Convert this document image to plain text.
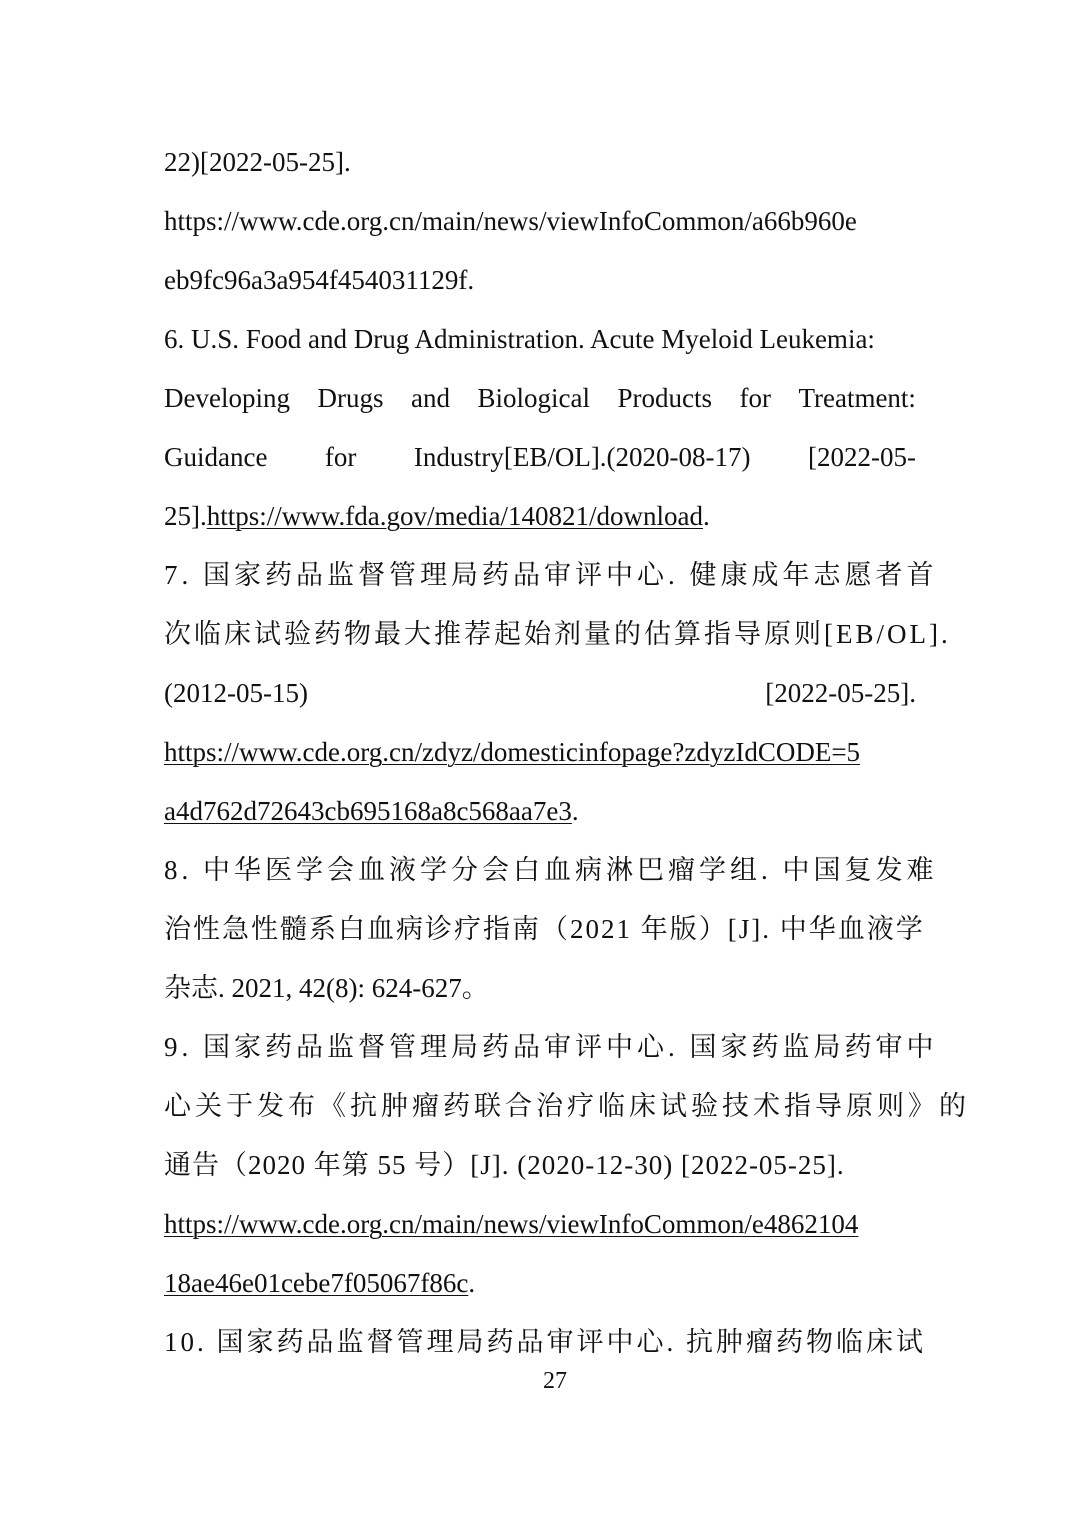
22)[2022-05-25].
https://www.cde.org.cn/main/news/viewInfoCommon/a66b960e
eb9fc96a3a954f454031129f.
6. U.S. Food and Drug Administration. Acute Myeloid Leukemia:
Developing Drugs and Biological Products for Treatment:
Guidance for Industry[EB/OL].(2020-08-17) [2022-05-
25].https://www.fda.gov/media/140821/download.
7. 国家药品监督管理局药品审评中心. 健康成年志愿者首
次临床试验药物最大推荐起始剂量的估算指导原则[EB/OL].
(2012-05-15)	[2022-05-25].
https://www.cde.org.cn/zdyz/domesticinfopage?zdyzIdCODE=5
a4d762d72643cb695168a8c568aa7e3.
8. 中华医学会血液学分会白血病淋巴瘤学组. 中国复发难
治性急性髓系白血病诊疗指南（2021 年版）[J]. 中华血液学
杂志. 2021, 42(8): 624-627。
9. 国家药品监督管理局药品审评中心. 国家药监局药审中
心关于发布《抗肿瘤药联合治疗临床试验技术指导原则》的
通告（2020 年第 55 号）[J]. (2020-12-30) [2022-05-25].
https://www.cde.org.cn/main/news/viewInfoCommon/e4862104
18ae46e01cebe7f05067f86c.
10. 国家药品监督管理局药品审评中心. 抗肿瘤药物临床试
27
